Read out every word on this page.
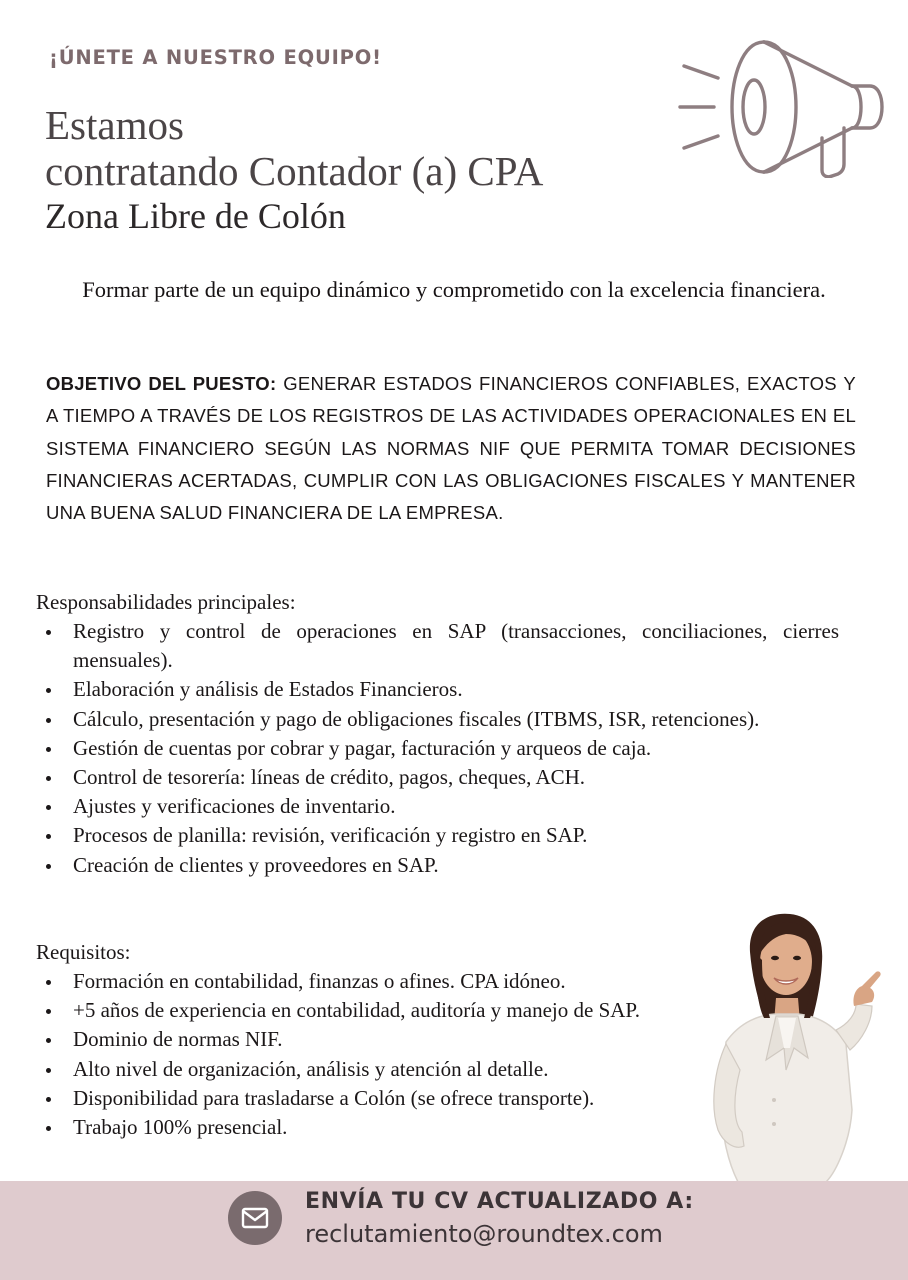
¡ÚNETE A NUESTRO EQUIPO!
Estamos
contratando Contador (a) CPA
Zona Libre de Colón

Formar parte de un equipo dinámico y comprometido con la excelencia financiera.

OBJETIVO DEL PUESTO: GENERAR ESTADOS FINANCIEROS CONFIABLES, EXACTOS Y A TIEMPO A TRAVÉS DE LOS REGISTROS DE LAS ACTIVIDADES OPERACIONALES EN EL SISTEMA FINANCIERO SEGÚN LAS NORMAS NIF QUE PERMITA TOMAR DECISIONES FINANCIERAS ACERTADAS, CUMPLIR CON LAS OBLIGACIONES FISCALES Y MANTENER UNA BUENA SALUD FINANCIERA DE LA EMPRESA.

Responsabilidades principales:
Registro y control de operaciones en SAP (transacciones, conciliaciones, cierres mensuales).
Elaboración y análisis de Estados Financieros.
Cálculo, presentación y pago de obligaciones fiscales (ITBMS, ISR, retenciones).
Gestión de cuentas por cobrar y pagar, facturación y arqueos de caja.
Control de tesorería: líneas de crédito, pagos, cheques, ACH.
Ajustes y verificaciones de inventario.
Procesos de planilla: revisión, verificación y registro en SAP.
Creación de clientes y proveedores en SAP.
Requisitos:
Formación en contabilidad, finanzas o afines. CPA idóneo.
+5 años de experiencia en contabilidad, auditoría y manejo de SAP.
Dominio de normas NIF.
Alto nivel de organización, análisis y atención al detalle.
Disponibilidad para trasladarse a Colón (se ofrece transporte).
Trabajo 100% presencial.
ENVÍA TU CV ACTUALIZADO A:
reclutamiento@roundtex.com
